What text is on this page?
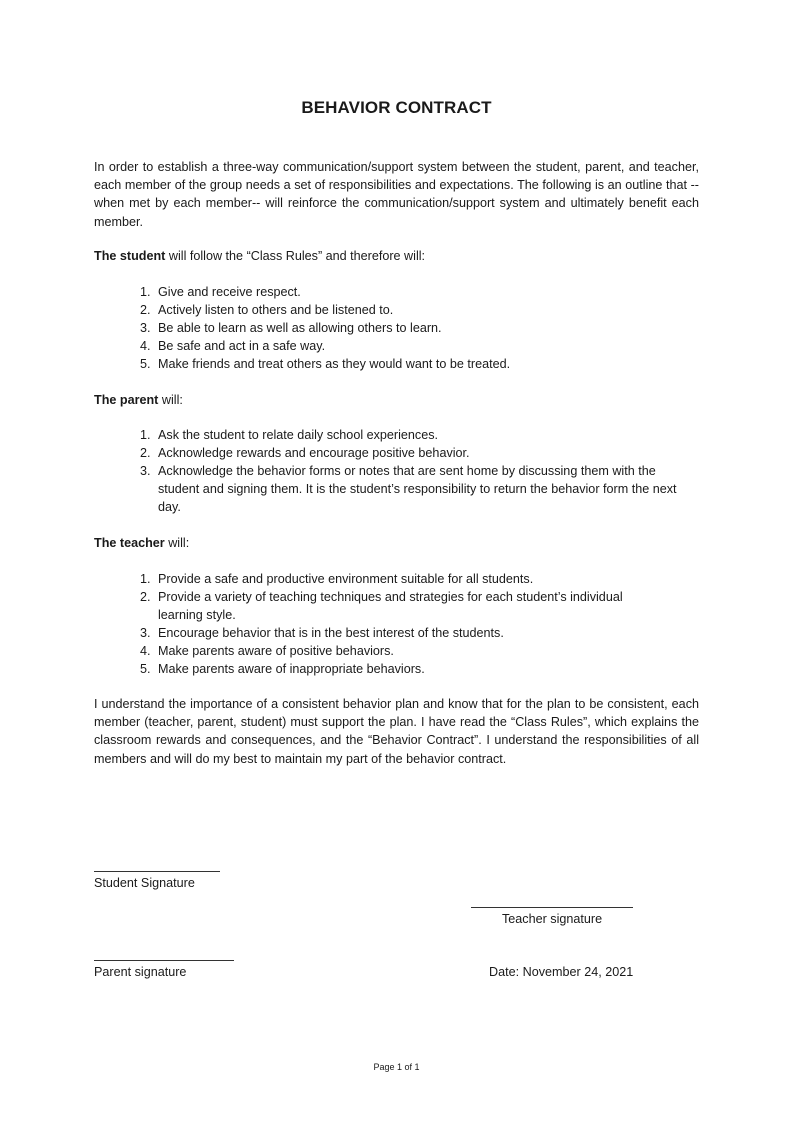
BEHAVIOR CONTRACT

In order to establish a three-way communication/support system between the student, parent, and teacher, each member of the group needs a set of responsibilities and expectations. The following is an outline that --when met by each member-- will reinforce the communication/support system and ultimately benefit each member.

The student will follow the “Class Rules” and therefore will:
1. Give and receive respect.
2. Actively listen to others and be listened to.
3. Be able to learn as well as allowing others to learn.
4. Be safe and act in a safe way.
5. Make friends and treat others as they would want to be treated.
The parent will:
1. Ask the student to relate daily school experiences.
2. Acknowledge rewards and encourage positive behavior.
3. Acknowledge the behavior forms or notes that are sent home by discussing them with the student and signing them. It is the student’s responsibility to return the behavior form the next day.
The teacher will:
1. Provide a safe and productive environment suitable for all students.
2. Provide a variety of teaching techniques and strategies for each student’s individual learning style.
3. Encourage behavior that is in the best interest of the students.
4. Make parents aware of positive behaviors.
5. Make parents aware of inappropriate behaviors.

I understand the importance of a consistent behavior plan and know that for the plan to be consistent, each member (teacher, parent, student) must support the plan. I have read the “Class Rules”, which explains the classroom rewards and consequences, and the “Behavior Contract”. I understand the responsibilities of all members and will do my best to maintain my part of the behavior contract.

Student Signature
Teacher signature
Parent signature	Date: November 24, 2021
Page 1 of 1
